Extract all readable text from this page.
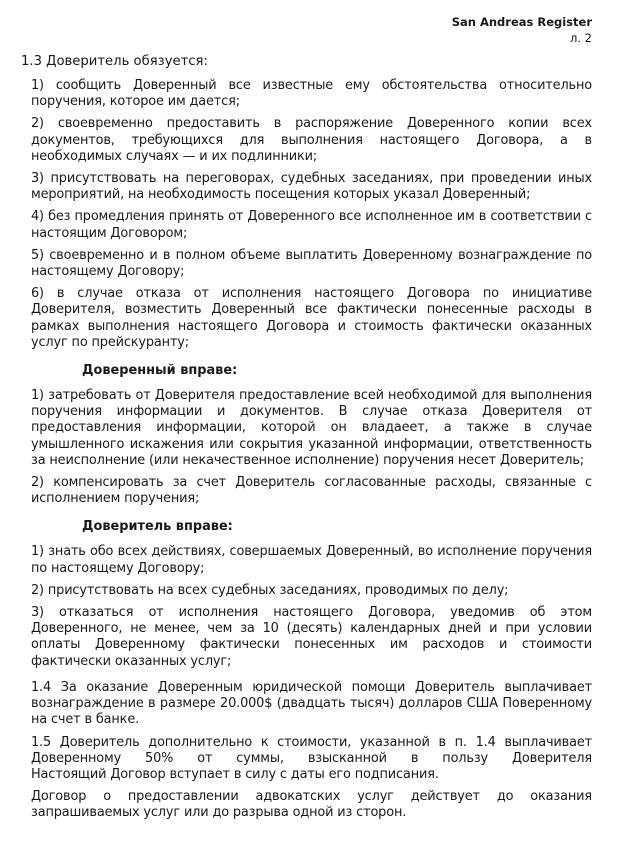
San Andreas Register
л. 2
1.3 Доверитель обязуется:

1) сообщить Доверенный все известные ему обстоятельства относительно поручения, которое им дается;

2) своевременно предоставить в распоряжение Доверенного копии всех документов, требующихся для выполнения настоящего Договора, а в необходимых случаях — и их подлинники;

3) присутствовать на переговорах, судебных заседаниях, при проведении иных мероприятий, на необходимость посещения которых указал Доверенный;

4) без промедления принять от Доверенного все исполненное им в соответствии с настоящим Договором;

5) своевременно и в полном объеме выплатить Доверенному вознаграждение по настоящему Договору;

6) в случае отказа от исполнения настоящего Договора по инициативе Доверителя, возместить Доверенный все фактически понесенные расходы в рамках выполнения настоящего Договора и стоимость фактически оказанных услуг по прейскуранту;

Доверенный вправе:

1) затребовать от Доверителя предоставление всей необходимой для выполнения поручения информации и документов. В случае отказа Доверителя от предоставления информации, которой он владаеет, а также в случае умышленного искажения или сокрытия указанной информации, ответственность за неисполнение (или некачественное исполнение) поручения несет Доверитель;

2) компенсировать за счет Доверитель согласованные расходы, связанные с исполнением поручения;

Доверитель вправе:

1) знать обо всех действиях, совершаемых Доверенный, во исполнение поручения по настоящему Договору;

2) присутствовать на всех судебных заседаниях, проводимых по делу;

3) отказаться от исполнения настоящего Договора, уведомив об этом Доверенного, не менее, чем за 10 (десять) календарных дней и при условии оплаты Доверенному фактически понесенных им расходов и стоимости фактически оказанных услуг;

1.4 За оказание Доверенным юридической помощи Доверитель выплачивает вознаграждение в размере 20.000$ (двадцать тысяч) долларов США Поверенному на счет в банке.

1.5 Доверитель дополнительно к стоимости, указанной в п. 1.4 выплачивает Доверенному 50% от суммы, взысканной в пользу Доверителя
Настоящий Договор вступает в силу с даты его подписания.

Договор о предоставлении адвокатских услуг действует до оказания запрашиваемых услуг или до разрыва одной из сторон.
